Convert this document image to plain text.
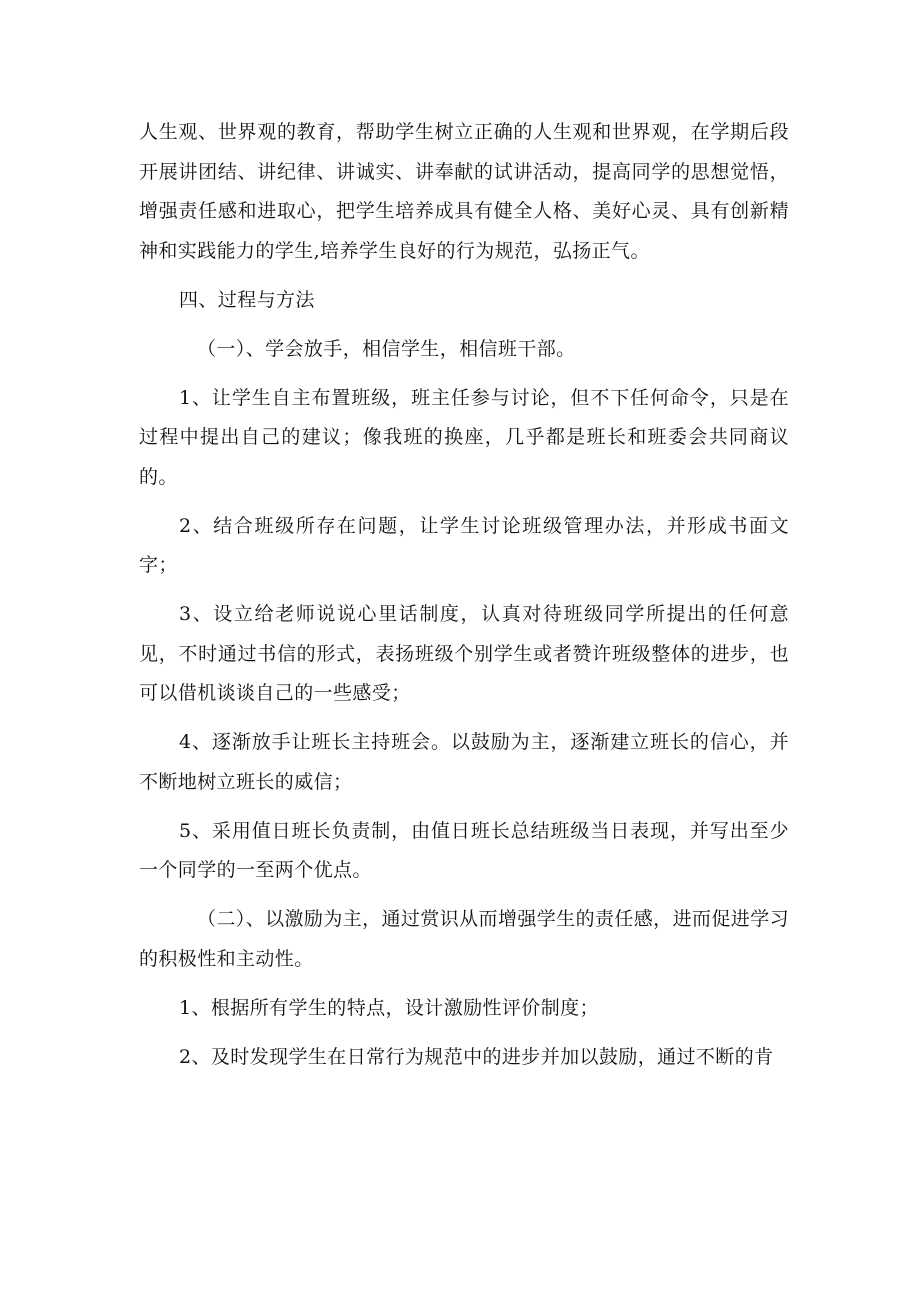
人生观、世界观的教育，帮助学生树立正确的人生观和世界观，在学期后段开展讲团结、讲纪律、讲诚实、讲奉献的试讲活动，提高同学的思想觉悟，增强责任感和进取心，把学生培养成具有健全人格、美好心灵、具有创新精神和实践能力的学生,培养学生良好的行为规范，弘扬正气。

四、过程与方法

（一）、学会放手，相信学生，相信班干部。

1、让学生自主布置班级，班主任参与讨论，但不下任何命令，只是在过程中提出自己的建议；像我班的换座，几乎都是班长和班委会共同商议的。

2、结合班级所存在问题，让学生讨论班级管理办法，并形成书面文字；

3、设立给老师说说心里话制度，认真对待班级同学所提出的任何意见，不时通过书信的形式，表扬班级个别学生或者赞许班级整体的进步，也可以借机谈谈自己的一些感受；

4、逐渐放手让班长主持班会。以鼓励为主，逐渐建立班长的信心，并不断地树立班长的威信；

5、采用值日班长负责制，由值日班长总结班级当日表现，并写出至少一个同学的一至两个优点。

（二）、以激励为主，通过赏识从而增强学生的责任感，进而促进学习的积极性和主动性。

1、根据所有学生的特点，设计激励性评价制度；

2、及时发现学生在日常行为规范中的进步并加以鼓励，通过不断的肯
